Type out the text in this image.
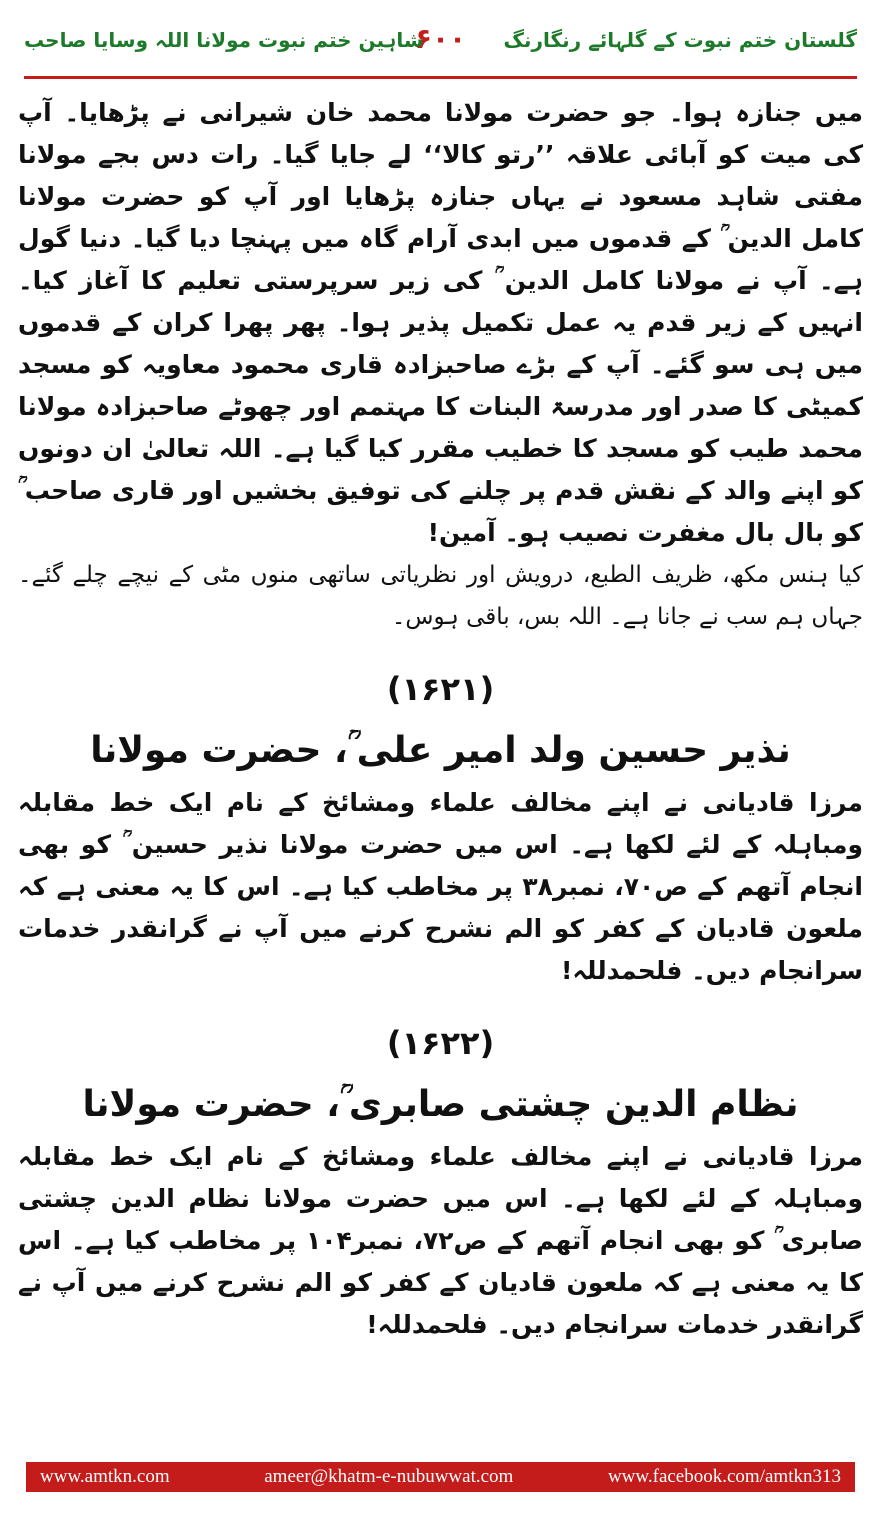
گلستان ختم نبوت کے گلہائے رنگارنگ
۶۰۰
شاہین ختم نبوت مولانا اللہ وسایا صاحب

میں جنازہ ہوا۔ جو حضرت مولانا محمد خان شیرانی نے پڑھایا۔ آپ کی میت کو آبائی علاقہ ’’رتو کالا‘‘ لے جایا گیا۔ رات دس بجے مولانا مفتی شاہد مسعود نے یہاں جنازہ پڑھایا اور آپ کو حضرت مولانا کامل الدین ؒ کے قدموں میں ابدی آرام گاہ میں پہنچا دیا گیا۔ دنیا گول ہے۔ آپ نے مولانا کامل الدین ؒ کی زیر سرپرستی تعلیم کا آغاز کیا۔ انہیں کے زیر قدم یہ عمل تکمیل پذیر ہوا۔ پھر پھرا کران کے قدموں میں ہی سو گئے۔ آپ کے بڑے صاحبزادہ قاری محمود معاویہ کو مسجد کمیٹی کا صدر اور مدرسۃ البنات کا مہتمم اور چھوٹے صاحبزادہ مولانا محمد طیب کو مسجد کا خطیب مقرر کیا گیا ہے۔ اللہ تعالیٰ ان دونوں کو اپنے والد کے نقش قدم پر چلنے کی توفیق بخشیں اور قاری صاحب ؒ کو بال بال مغفرت نصیب ہو۔ آمین!

کیا ہنس مکھ، ظریف الطبع، درویش اور نظریاتی ساتھی منوں مٹی کے نیچے چلے گئے۔ جہاں ہم سب نے جانا ہے۔ اللہ بس، باقی ہوس۔

(۱۶۲۱)
نذیر حسین ولد امیر علی ؒ، حضرت مولانا

مرزا قادیانی نے اپنے مخالف علماء ومشائخ کے نام ایک خط مقابلہ ومباہلہ کے لئے لکھا ہے۔ اس میں حضرت مولانا نذیر حسین ؒ کو بھی انجام آتھم کے ص۷۰، نمبر۳۸ پر مخاطب کیا ہے۔ اس کا یہ معنی ہے کہ ملعون قادیان کے کفر کو الم نشرح کرنے میں آپ نے گرانقدر خدمات سرانجام دیں۔ فلحمدللہ!

(۱۶۲۲)
نظام الدین چشتی صابری ؒ، حضرت مولانا

مرزا قادیانی نے اپنے مخالف علماء ومشائخ کے نام ایک خط مقابلہ ومباہلہ کے لئے لکھا ہے۔ اس میں حضرت مولانا نظام الدین چشتی صابری ؒ کو بھی انجام آتھم کے ص۷۲، نمبر۱۰۴ پر مخاطب کیا ہے۔ اس کا یہ معنی ہے کہ ملعون قادیان کے کفر کو الم نشرح کرنے میں آپ نے گرانقدر خدمات سرانجام دیں۔ فلحمدللہ!

www.amtkn.com	ameer@khatm-e-nubuwwat.com	www.facebook.com/amtkn313
